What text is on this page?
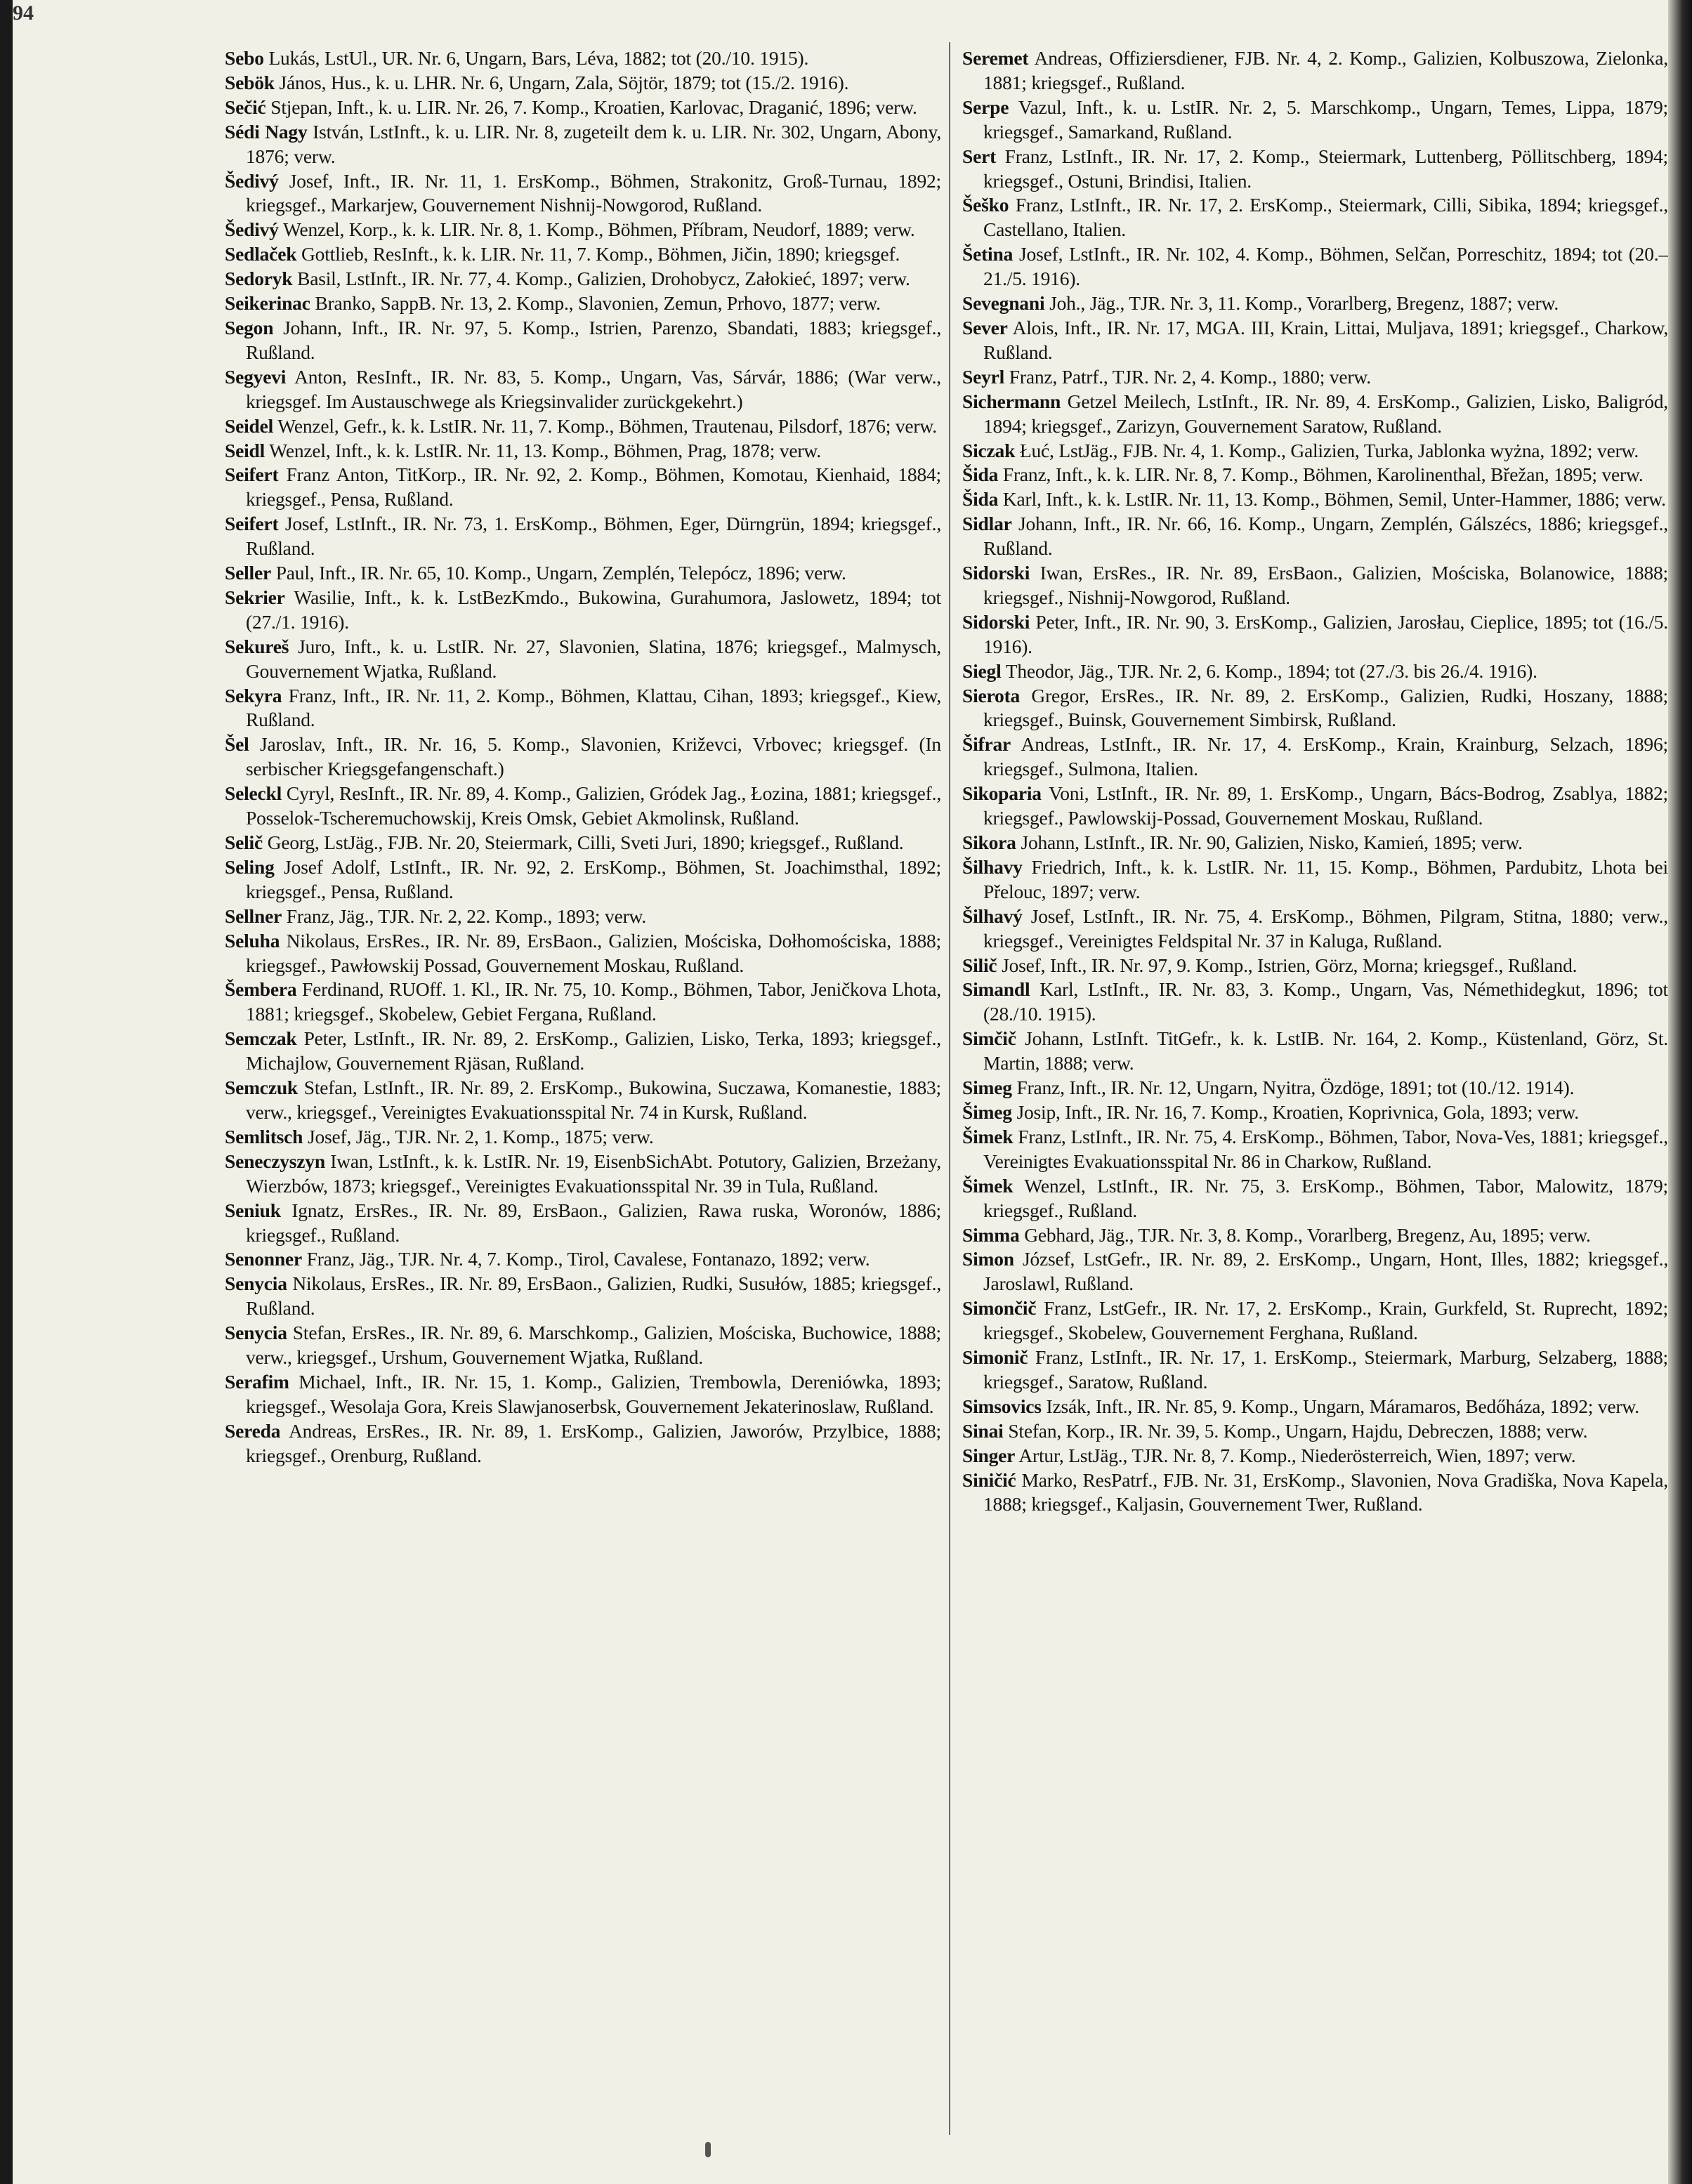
94

Sebo Lukás, LstUl., UR. Nr. 6, Ungarn, Bars, Léva, 1882; tot (20./10. 1915).

Sebök János, Hus., k. u. LHR. Nr. 6, Ungarn, Zala, Söjtör, 1879; tot (15./2. 1916).

Sečić Stjepan, Inft., k. u. LIR. Nr. 26, 7. Komp., Kroatien, Karlovac, Draganić, 1896; verw.

Sédi Nagy István, LstInft., k. u. LIR. Nr. 8, zugeteilt dem k. u. LIR. Nr. 302, Ungarn, Abony, 1876; verw.

Šedivý Josef, Inft., IR. Nr. 11, 1. ErsKomp., Böhmen, Strakonitz, Groß-Turnau, 1892; kriegsgef., Markarjew, Gouvernement Nishnij-Nowgorod, Rußland.

Šedivý Wenzel, Korp., k. k. LIR. Nr. 8, 1. Komp., Böhmen, Příbram, Neudorf, 1889; verw.

Sedlaček Gottlieb, ResInft., k. k. LIR. Nr. 11, 7. Komp., Böhmen, Jičin, 1890; kriegsgef.

Sedoryk Basil, LstInft., IR. Nr. 77, 4. Komp., Galizien, Drohobycz, Załokieć, 1897; verw.

Seikerinac Branko, SappB. Nr. 13, 2. Komp., Slavonien, Zemun, Prhovo, 1877; verw.

Segon Johann, Inft., IR. Nr. 97, 5. Komp., Istrien, Parenzo, Sbandati, 1883; kriegsgef., Rußland.

Segyevi Anton, ResInft., IR. Nr. 83, 5. Komp., Ungarn, Vas, Sárvár, 1886; (War verw., kriegsgef. Im Austauschwege als Kriegsinvalider zurückgekehrt.)

Seidel Wenzel, Gefr., k. k. LstIR. Nr. 11, 7. Komp., Böhmen, Trautenau, Pilsdorf, 1876; verw.

Seidl Wenzel, Inft., k. k. LstIR. Nr. 11, 13. Komp., Böhmen, Prag, 1878; verw.

Seifert Franz Anton, TitKorp., IR. Nr. 92, 2. Komp., Böhmen, Komotau, Kienhaid, 1884; kriegsgef., Pensa, Rußland.

Seifert Josef, LstInft., IR. Nr. 73, 1. ErsKomp., Böhmen, Eger, Dürngrün, 1894; kriegsgef., Rußland.

Seller Paul, Inft., IR. Nr. 65, 10. Komp., Ungarn, Zemplén, Telepócz, 1896; verw.

Sekrier Wasilie, Inft., k. k. LstBezKmdo., Bukowina, Gurahumora, Jaslowetz, 1894; tot (27./1. 1916).

Sekureš Juro, Inft., k. u. LstIR. Nr. 27, Slavonien, Slatina, 1876; kriegsgef., Malmysch, Gouvernement Wjatka, Rußland.

Sekyra Franz, Inft., IR. Nr. 11, 2. Komp., Böhmen, Klattau, Cihan, 1893; kriegsgef., Kiew, Rußland.

Šel Jaroslav, Inft., IR. Nr. 16, 5. Komp., Slavonien, Križevci, Vrbovec; kriegsgef. (In serbischer Kriegsgefangenschaft.)

Seleckl Cyryl, ResInft., IR. Nr. 89, 4. Komp., Galizien, Gródek Jag., Łozina, 1881; kriegsgef., Posselok-Tscheremuchowskij, Kreis Omsk, Gebiet Akmolinsk, Rußland.

Selič Georg, LstJäg., FJB. Nr. 20, Steiermark, Cilli, Sveti Juri, 1890; kriegsgef., Rußland.

Seling Josef Adolf, LstInft., IR. Nr. 92, 2. ErsKomp., Böhmen, St. Joachimsthal, 1892; kriegsgef., Pensa, Rußland.

Sellner Franz, Jäg., TJR. Nr. 2, 22. Komp., 1893; verw.

Seluha Nikolaus, ErsRes., IR. Nr. 89, ErsBaon., Galizien, Mościska, Dołhomościska, 1888; kriegsgef., Pawłowskij Possad, Gouvernement Moskau, Rußland.

Šembera Ferdinand, RUOff. 1. Kl., IR. Nr. 75, 10. Komp., Böhmen, Tabor, Jeničkova Lhota, 1881; kriegsgef., Skobelew, Gebiet Fergana, Rußland.

Semczak Peter, LstInft., IR. Nr. 89, 2. ErsKomp., Galizien, Lisko, Terka, 1893; kriegsgef., Michajlow, Gouvernement Rjäsan, Rußland.

Semczuk Stefan, LstInft., IR. Nr. 89, 2. ErsKomp., Bukowina, Suczawa, Komanestie, 1883; verw., kriegsgef., Vereinigtes Evakuationsspital Nr. 74 in Kursk, Rußland.

Semlitsch Josef, Jäg., TJR. Nr. 2, 1. Komp., 1875; verw.

Seneczyszyn Iwan, LstInft., k. k. LstIR. Nr. 19, EisenbSichAbt. Potutory, Galizien, Brzeżany, Wierzbów, 1873; kriegsgef., Vereinigtes Evakuationsspital Nr. 39 in Tula, Rußland.

Seniuk Ignatz, ErsRes., IR. Nr. 89, ErsBaon., Galizien, Rawa ruska, Woronów, 1886; kriegsgef., Rußland.

Senonner Franz, Jäg., TJR. Nr. 4, 7. Komp., Tirol, Cavalese, Fontanazo, 1892; verw.

Senycia Nikolaus, ErsRes., IR. Nr. 89, ErsBaon., Galizien, Rudki, Susułów, 1885; kriegsgef., Rußland.

Senycia Stefan, ErsRes., IR. Nr. 89, 6. Marschkomp., Galizien, Mościska, Buchowice, 1888; verw., kriegsgef., Urshum, Gouvernement Wjatka, Rußland.

Serafim Michael, Inft., IR. Nr. 15, 1. Komp., Galizien, Trembowla, Dereniówka, 1893; kriegsgef., Wesolaja Gora, Kreis Slawjanoserbsk, Gouvernement Jekaterinoslaw, Rußland.

Sereda Andreas, ErsRes., IR. Nr. 89, 1. ErsKomp., Galizien, Jaworów, Przylbice, 1888; kriegsgef., Orenburg, Rußland.

Seremet Andreas, Offiziersdiener, FJB. Nr. 4, 2. Komp., Galizien, Kolbuszowa, Zielonka, 1881; kriegsgef., Rußland.

Serpe Vazul, Inft., k. u. LstIR. Nr. 2, 5. Marschkomp., Ungarn, Temes, Lippa, 1879; kriegsgef., Samarkand, Rußland.

Sert Franz, LstInft., IR. Nr. 17, 2. Komp., Steiermark, Luttenberg, Pöllitschberg, 1894; kriegsgef., Ostuni, Brindisi, Italien.

Šeško Franz, LstInft., IR. Nr. 17, 2. ErsKomp., Steiermark, Cilli, Sibika, 1894; kriegsgef., Castellano, Italien.

Šetina Josef, LstInft., IR. Nr. 102, 4. Komp., Böhmen, Selčan, Porreschitz, 1894; tot (20.–21./5. 1916).

Sevegnani Joh., Jäg., TJR. Nr. 3, 11. Komp., Vorarlberg, Bregenz, 1887; verw.

Sever Alois, Inft., IR. Nr. 17, MGA. III, Krain, Littai, Muljava, 1891; kriegsgef., Charkow, Rußland.

Seyrl Franz, Patrf., TJR. Nr. 2, 4. Komp., 1880; verw.

Sichermann Getzel Meilech, LstInft., IR. Nr. 89, 4. ErsKomp., Galizien, Lisko, Baligród, 1894; kriegsgef., Zarizyn, Gouvernement Saratow, Rußland.

Siczak Łuć, LstJäg., FJB. Nr. 4, 1. Komp., Galizien, Turka, Jablonka wyżna, 1892; verw.

Šida Franz, Inft., k. k. LIR. Nr. 8, 7. Komp., Böhmen, Karolinenthal, Břežan, 1895; verw.

Šida Karl, Inft., k. k. LstIR. Nr. 11, 13. Komp., Böhmen, Semil, Unter-Hammer, 1886; verw.

Sidlar Johann, Inft., IR. Nr. 66, 16. Komp., Ungarn, Zemplén, Gálszécs, 1886; kriegsgef., Rußland.

Sidorski Iwan, ErsRes., IR. Nr. 89, ErsBaon., Galizien, Mościska, Bolanowice, 1888; kriegsgef., Nishnij-Nowgorod, Rußland.

Sidorski Peter, Inft., IR. Nr. 90, 3. ErsKomp., Galizien, Jarosłau, Cieplice, 1895; tot (16./5. 1916).

Siegl Theodor, Jäg., TJR. Nr. 2, 6. Komp., 1894; tot (27./3. bis 26./4. 1916).

Sierota Gregor, ErsRes., IR. Nr. 89, 2. ErsKomp., Galizien, Rudki, Hoszany, 1888; kriegsgef., Buinsk, Gouvernement Simbirsk, Rußland.

Šifrar Andreas, LstInft., IR. Nr. 17, 4. ErsKomp., Krain, Krainburg, Selzach, 1896; kriegsgef., Sulmona, Italien.

Sikoparia Voni, LstInft., IR. Nr. 89, 1. ErsKomp., Ungarn, Bács-Bodrog, Zsablya, 1882; kriegsgef., Pawlowskij-Possad, Gouvernement Moskau, Rußland.

Sikora Johann, LstInft., IR. Nr. 90, Galizien, Nisko, Kamień, 1895; verw.

Šilhavy Friedrich, Inft., k. k. LstIR. Nr. 11, 15. Komp., Böhmen, Pardubitz, Lhota bei Přelouc, 1897; verw.

Šilhavý Josef, LstInft., IR. Nr. 75, 4. ErsKomp., Böhmen, Pilgram, Stitna, 1880; verw., kriegsgef., Vereinigtes Feldspital Nr. 37 in Kaluga, Rußland.

Silič Josef, Inft., IR. Nr. 97, 9. Komp., Istrien, Görz, Morna; kriegsgef., Rußland.

Simandl Karl, LstInft., IR. Nr. 83, 3. Komp., Ungarn, Vas, Némethidegkut, 1896; tot (28./10. 1915).

Simčič Johann, LstInft. TitGefr., k. k. LstIB. Nr. 164, 2. Komp., Küstenland, Görz, St. Martin, 1888; verw.

Simeg Franz, Inft., IR. Nr. 12, Ungarn, Nyitra, Özdöge, 1891; tot (10./12. 1914).

Šimeg Josip, Inft., IR. Nr. 16, 7. Komp., Kroatien, Koprivnica, Gola, 1893; verw.

Šimek Franz, LstInft., IR. Nr. 75, 4. ErsKomp., Böhmen, Tabor, Nova-Ves, 1881; kriegsgef., Vereinigtes Evakuationsspital Nr. 86 in Charkow, Rußland.

Šimek Wenzel, LstInft., IR. Nr. 75, 3. ErsKomp., Böhmen, Tabor, Malowitz, 1879; kriegsgef., Rußland.

Simma Gebhard, Jäg., TJR. Nr. 3, 8. Komp., Vorarlberg, Bregenz, Au, 1895; verw.

Simon József, LstGefr., IR. Nr. 89, 2. ErsKomp., Ungarn, Hont, Illes, 1882; kriegsgef., Jaroslawl, Rußland.

Simončič Franz, LstGefr., IR. Nr. 17, 2. ErsKomp., Krain, Gurkfeld, St. Ruprecht, 1892; kriegsgef., Skobelew, Gouvernement Ferghana, Rußland.

Simonič Franz, LstInft., IR. Nr. 17, 1. ErsKomp., Steiermark, Marburg, Selzaberg, 1888; kriegsgef., Saratow, Rußland.

Simsovics Izsák, Inft., IR. Nr. 85, 9. Komp., Ungarn, Máramaros, Bedőháza, 1892; verw.

Sinai Stefan, Korp., IR. Nr. 39, 5. Komp., Ungarn, Hajdu, Debreczen, 1888; verw.

Singer Artur, LstJäg., TJR. Nr. 8, 7. Komp., Niederösterreich, Wien, 1897; verw.

Siničić Marko, ResPatrf., FJB. Nr. 31, ErsKomp., Slavonien, Nova Gradiška, Nova Kapela, 1888; kriegsgef., Kaljasin, Gouvernement Twer, Rußland.
